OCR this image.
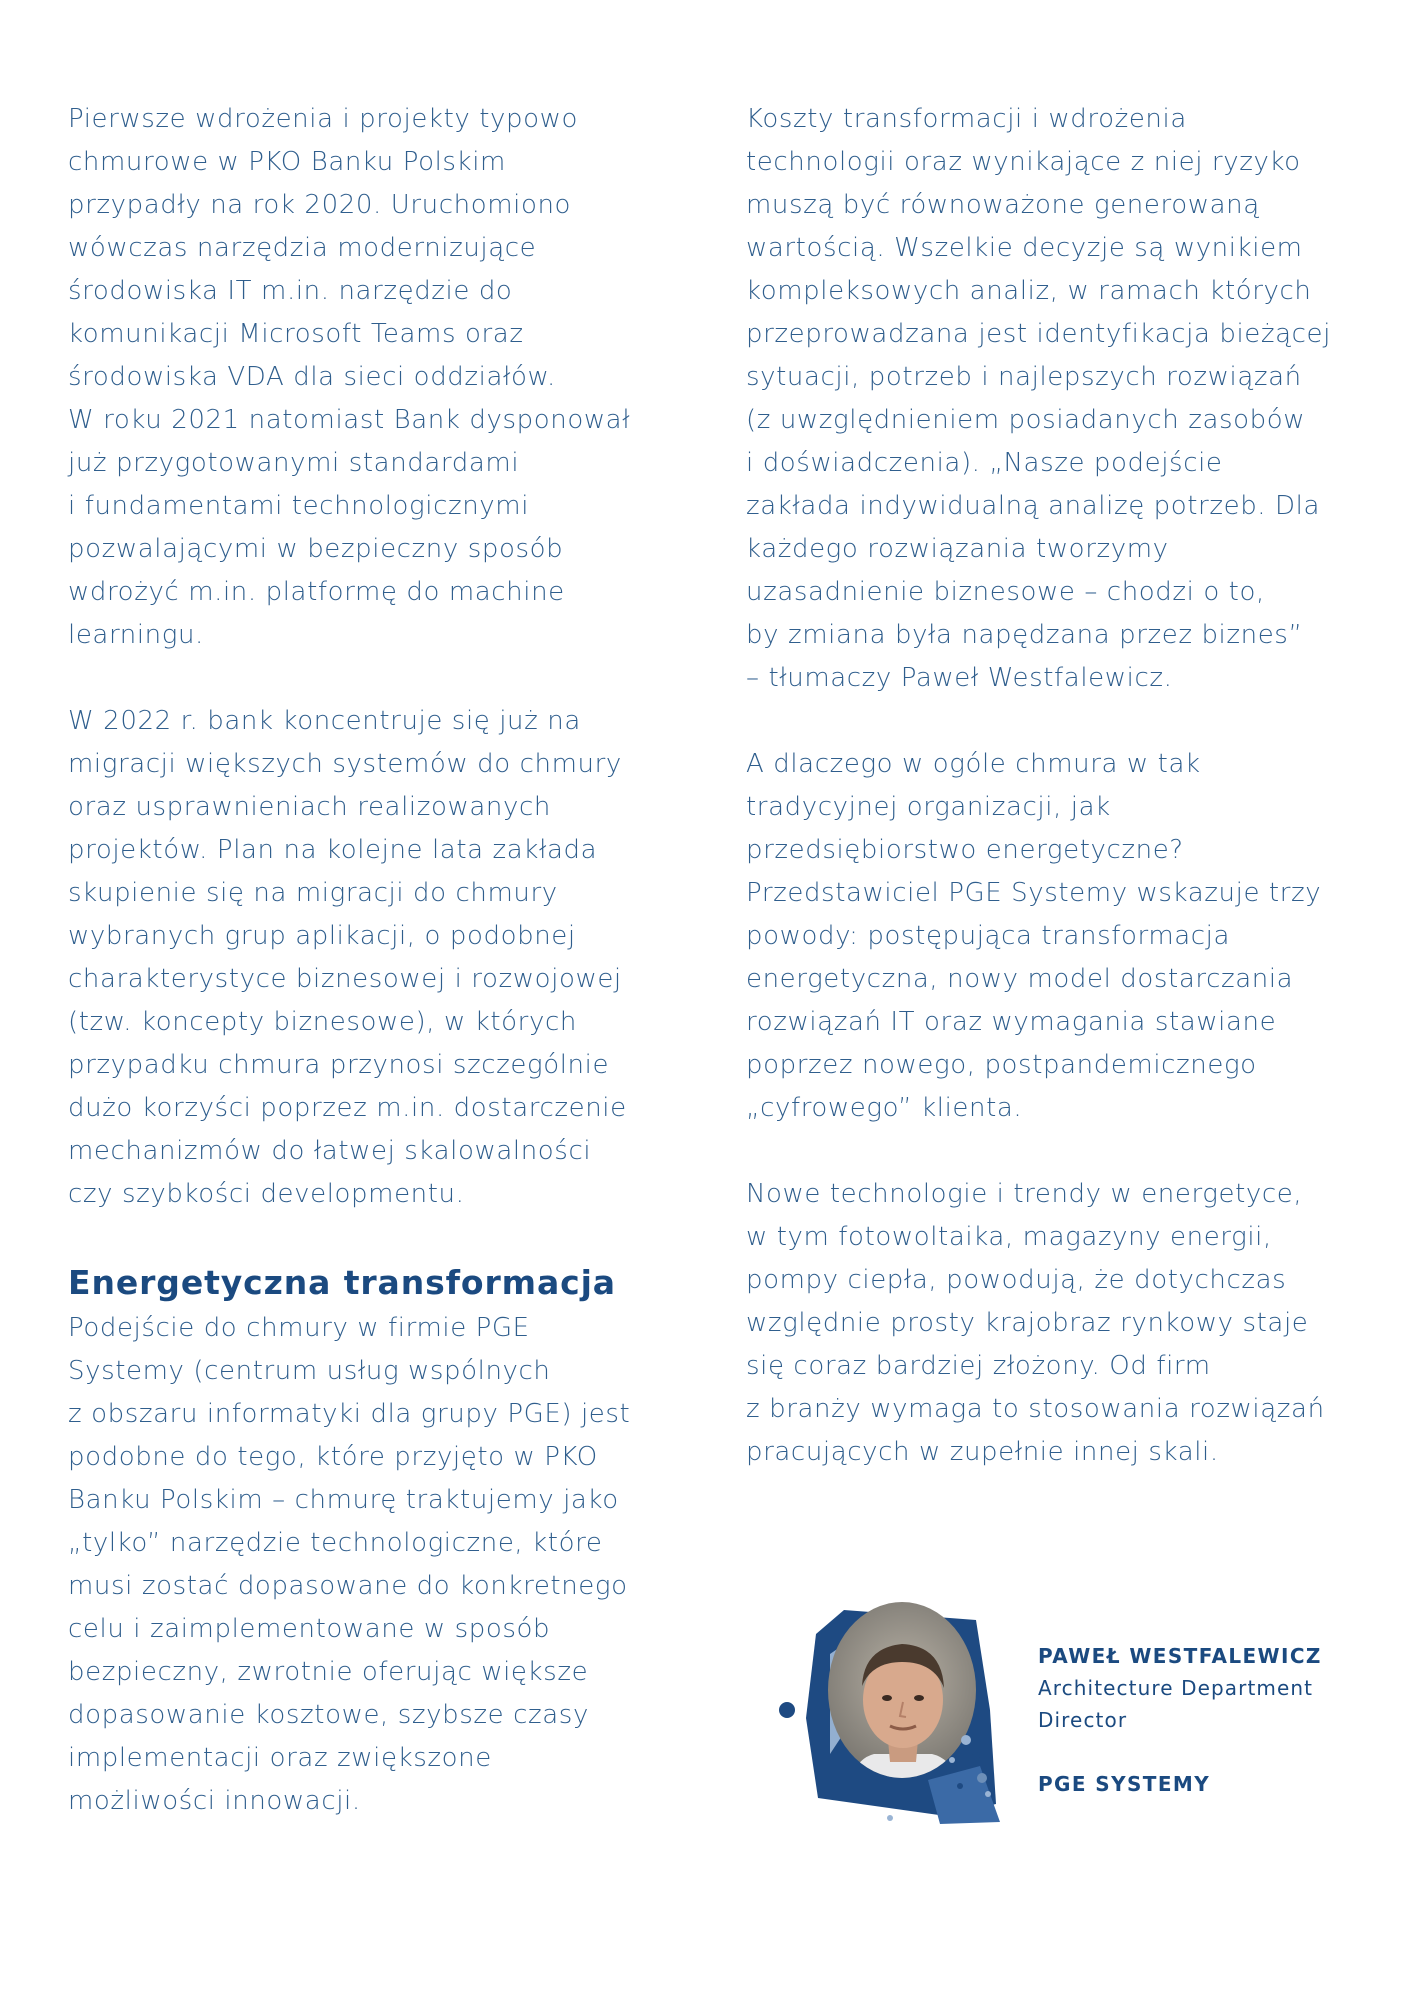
Pierwsze wdrożenia i projekty typowo
chmurowe w PKO Banku Polskim
przypadły na rok 2020. Uruchomiono
wówczas narzędzia modernizujące
środowiska IT m.in. narzędzie do
komunikacji Microsoft Teams oraz
środowiska VDA dla sieci oddziałów.
W roku 2021 natomiast Bank dysponował
już przygotowanymi standardami
i fundamentami technologicznymi
pozwalającymi w bezpieczny sposób
wdrożyć m.in. platformę do machine
learningu.

W 2022 r. bank koncentruje się już na
migracji większych systemów do chmury
oraz usprawnieniach realizowanych
projektów. Plan na kolejne lata zakłada
skupienie się na migracji do chmury
wybranych grup aplikacji, o podobnej
charakterystyce biznesowej i rozwojowej
(tzw. koncepty biznesowe), w których
przypadku chmura przynosi szczególnie
dużo korzyści poprzez m.in. dostarczenie
mechanizmów do łatwej skalowalności
czy szybkości developmentu.

Energetyczna transformacja

Podejście do chmury w firmie PGE
Systemy (centrum usług wspólnych
z obszaru informatyki dla grupy PGE) jest
podobne do tego, które przyjęto w PKO
Banku Polskim – chmurę traktujemy jako
„tylko” narzędzie technologiczne, które
musi zostać dopasowane do konkretnego
celu i zaimplementowane w sposób
bezpieczny, zwrotnie oferując większe
dopasowanie kosztowe, szybsze czasy
implementacji oraz zwiększone
możliwości innowacji.

Koszty transformacji i wdrożenia
technologii oraz wynikające z niej ryzyko
muszą być równoważone generowaną
wartością. Wszelkie decyzje są wynikiem
kompleksowych analiz, w ramach których
przeprowadzana jest identyfikacja bieżącej
sytuacji, potrzeb i najlepszych rozwiązań
(z uwzględnieniem posiadanych zasobów
i doświadczenia). „Nasze podejście
zakłada indywidualną analizę potrzeb. Dla
każdego rozwiązania tworzymy
uzasadnienie biznesowe – chodzi o to,
by zmiana była napędzana przez biznes”
– tłumaczy Paweł Westfalewicz.

A dlaczego w ogóle chmura w tak
tradycyjnej organizacji, jak
przedsiębiorstwo energetyczne?
Przedstawiciel PGE Systemy wskazuje trzy
powody: postępująca transformacja
energetyczna, nowy model dostarczania
rozwiązań IT oraz wymagania stawiane
poprzez nowego, postpandemicznego
„cyfrowego” klienta.

Nowe technologie i trendy w energetyce,
w tym fotowoltaika, magazyny energii,
pompy ciepła, powodują, że dotychczas
względnie prosty krajobraz rynkowy staje
się coraz bardziej złożony. Od firm
z branży wymaga to stosowania rozwiązań
pracujących w zupełnie innej skali.

PAWEŁ WESTFALEWICZ
Architecture Department
Director
PGE SYSTEMY
